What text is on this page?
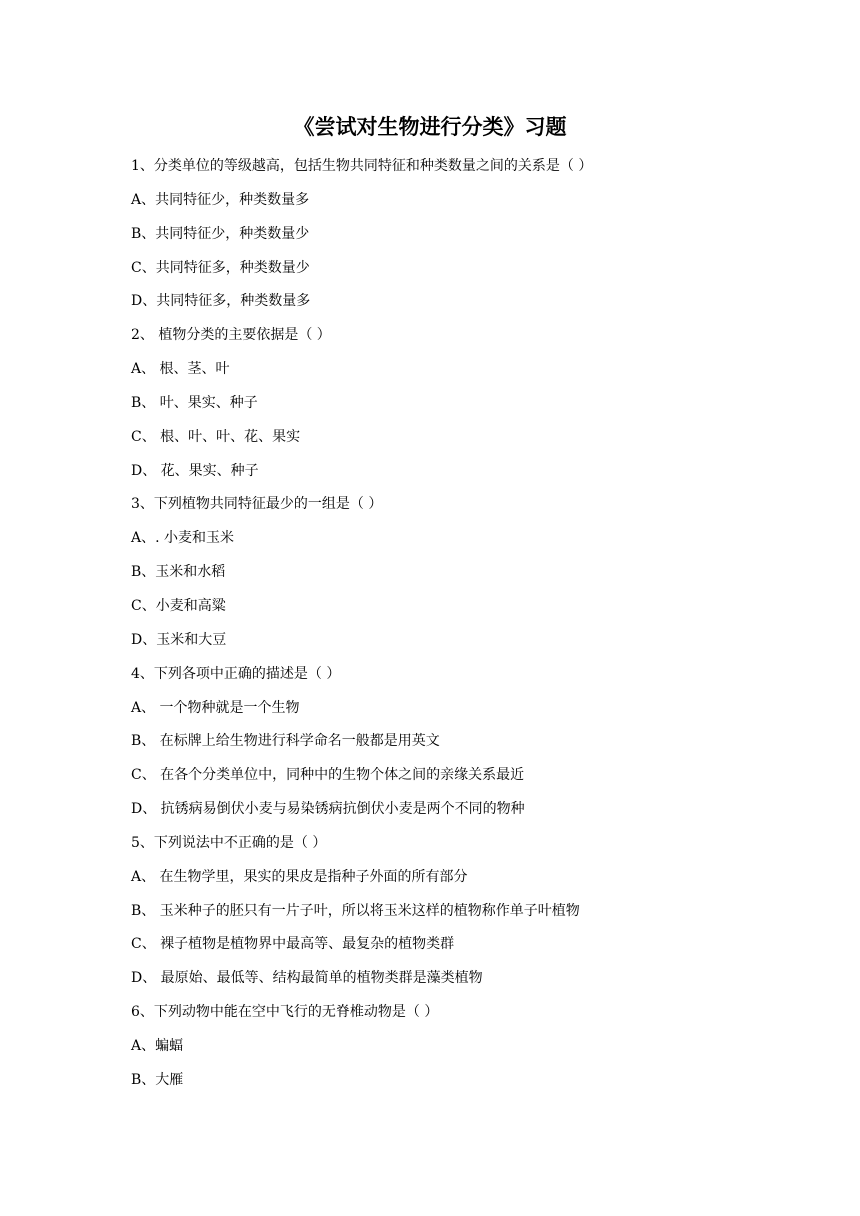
《尝试对生物进行分类》习题
1、分类单位的等级越高，包括生物共同特征和种类数量之间的关系是（ ）
A、共同特征少，种类数量多
B、共同特征少，种类数量少
C、共同特征多，种类数量少
D、共同特征多，种类数量多
2、 植物分类的主要依据是（ ）
A、 根、茎、叶
B、 叶、果实、种子
C、 根、叶、叶、花、果实
D、 花、果实、种子
3、下列植物共同特征最少的一组是（ ）
A、. 小麦和玉米
B、玉米和水稻
C、小麦和高粱
D、玉米和大豆
4、下列各项中正确的描述是（ ）
A、 一个物种就是一个生物
B、 在标牌上给生物进行科学命名一般都是用英文
C、 在各个分类单位中，同种中的生物个体之间的亲缘关系最近
D、 抗锈病易倒伏小麦与易染锈病抗倒伏小麦是两个不同的物种
5、下列说法中不正确的是（ ）
A、 在生物学里，果实的果皮是指种子外面的所有部分
B、 玉米种子的胚只有一片子叶，所以将玉米这样的植物称作单子叶植物
C、 裸子植物是植物界中最高等、最复杂的植物类群
D、 最原始、最低等、结构最简单的植物类群是藻类植物
6、下列动物中能在空中飞行的无脊椎动物是（ ）
A、蝙蝠
B、大雁
